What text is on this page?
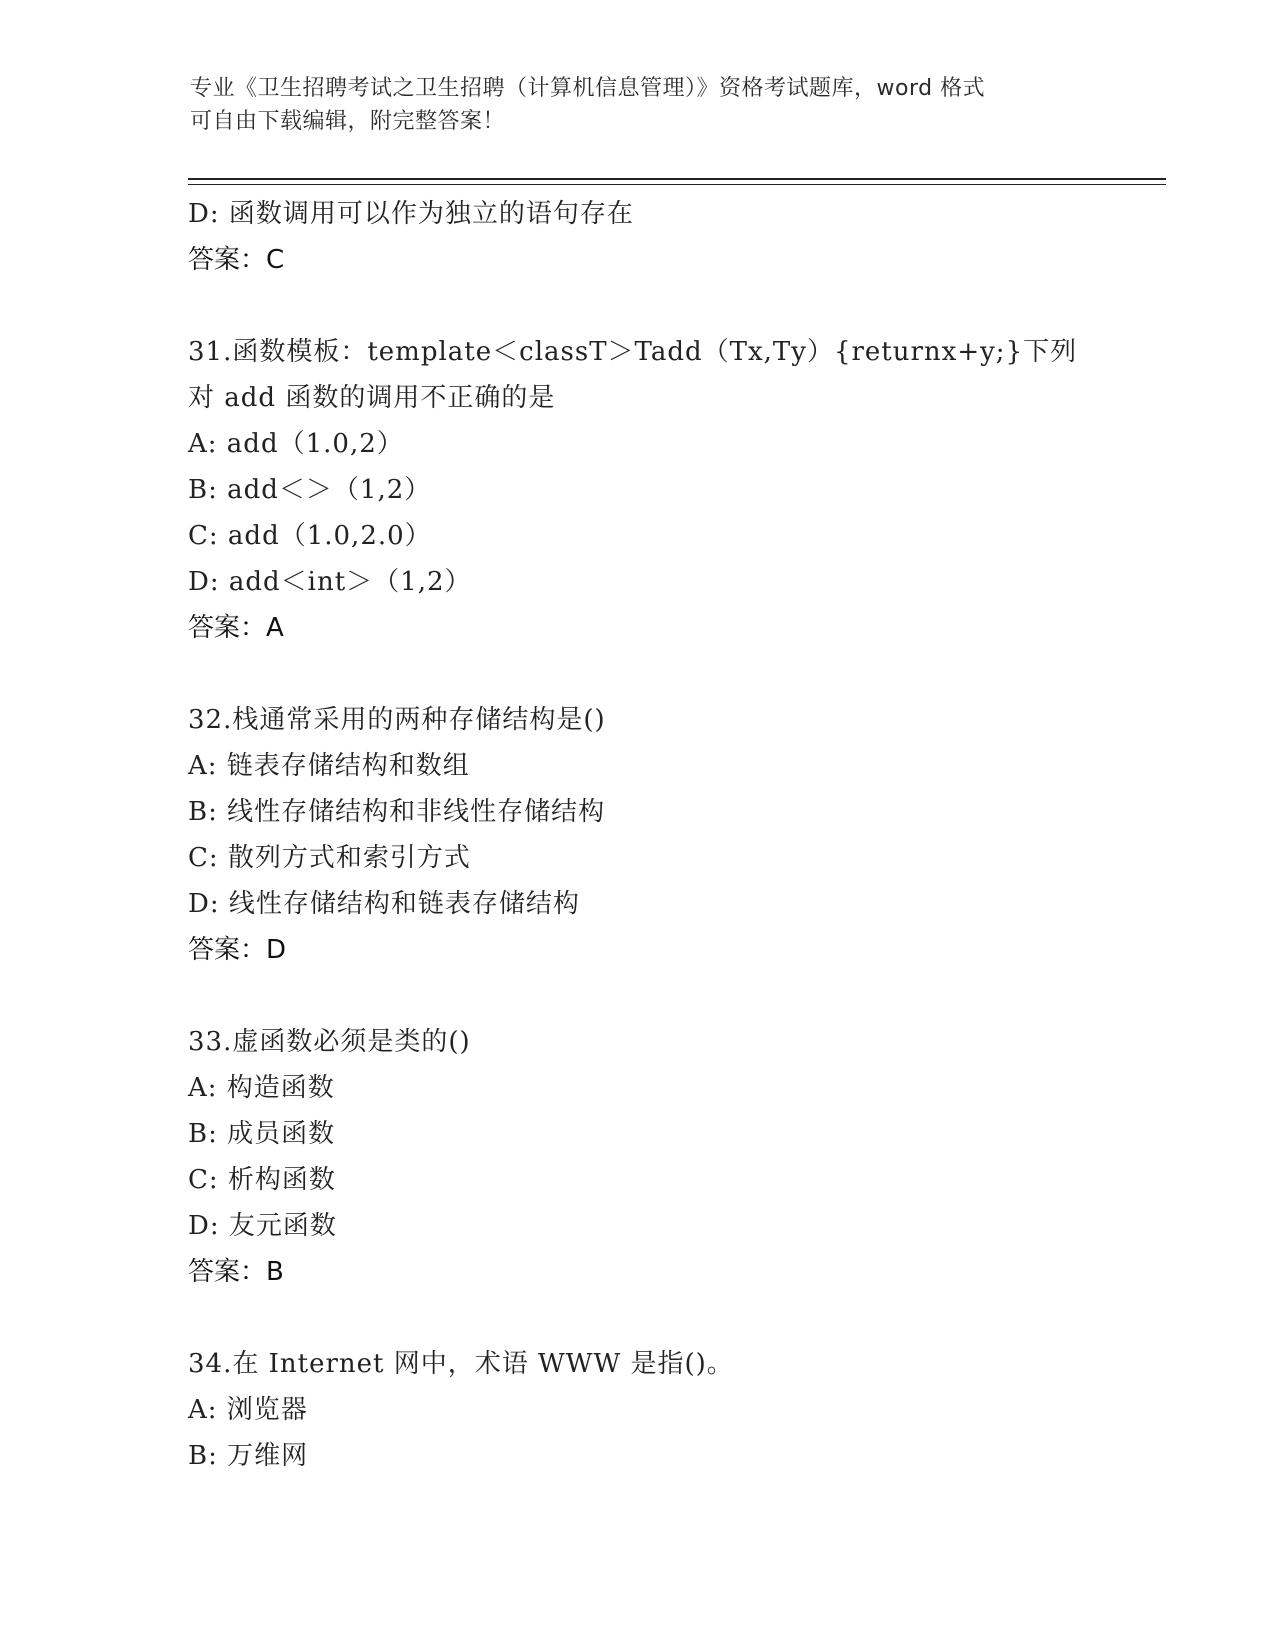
专业《卫生招聘考试之卫生招聘（计算机信息管理）》资格考试题库，word 格式
可自由下载编辑，附完整答案！
D: 函数调用可以作为独立的语句存在
答案：C
31.函数模板：template＜classT＞Tadd（Tx,Ty）{returnx+y;}下列
对 add 函数的调用不正确的是
A: add（1.0,2）
B: add＜＞（1,2）
C: add（1.0,2.0）
D: add＜int＞（1,2）
答案：A
32.栈通常采用的两种存储结构是()
A: 链表存储结构和数组
B: 线性存储结构和非线性存储结构
C: 散列方式和索引方式
D: 线性存储结构和链表存储结构
答案：D
33.虚函数必须是类的()
A: 构造函数
B: 成员函数
C: 析构函数
D: 友元函数
答案：B
34.在 Internet 网中，术语 WWW 是指()。
A: 浏览器
B: 万维网
